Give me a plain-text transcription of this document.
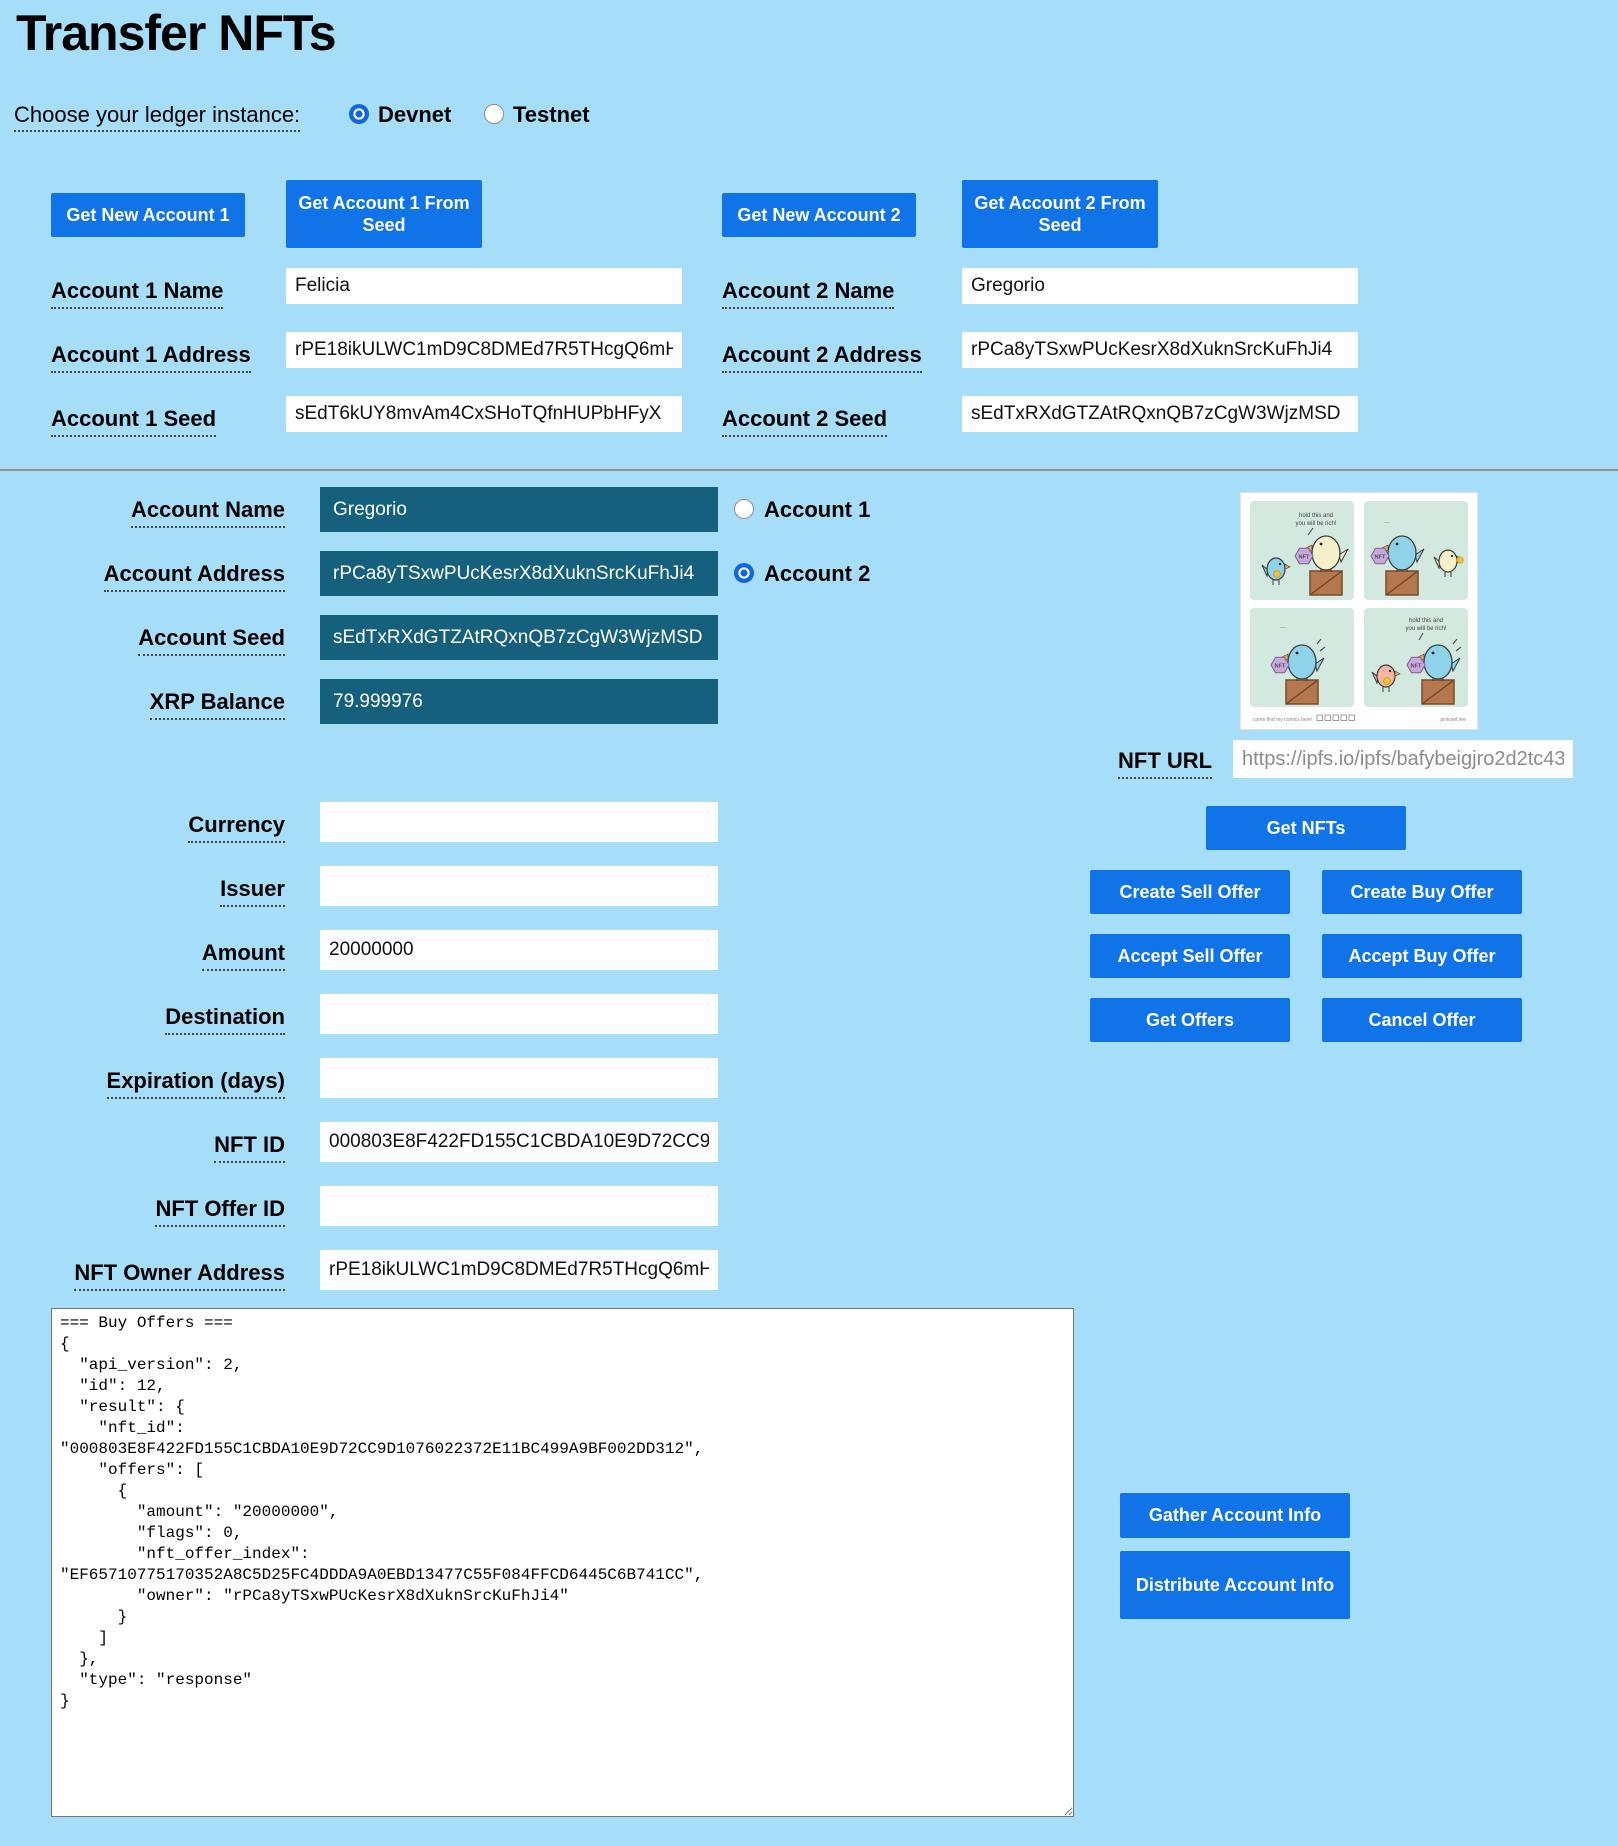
Transfer NFTs
Choose your ledger instance:	Devnet	Testnet
Get New Account 1
Get Account 1 From Seed
Get New Account 2
Get Account 2 From Seed
Account 1 Name
Felicia
Account 1 Address
rPE18ikULWC1mD9C8DMEd7R5THcgQ6mHS
Account 1 Seed
sEdT6kUY8mvAm4CxSHoTQfnHUPbHFyX
Account 2 Name
Gregorio
Account 2 Address
rPCa8yTSxwPUcKesrX8dXuknSrcKuFhJi4
Account 2 Seed
sEdTxRXdGTZAtRQxnQB7zCgW3WjzMSD
Account Name
Gregorio
Account Address
rPCa8yTSxwPUcKesrX8dXuknSrcKuFhJi4
Account Seed
sEdTxRXdGTZAtRQxnQB7zCgW3WjzMSD
XRP Balance
79.999976
Account 1
Account 2
hold this and
you will be rich!
NFT
...
NFT
...
NFT
hold this and
you will be rich!
NFT
come find my comics here!	pinkowl.live
NFT URL
https://ipfs.io/ipfs/bafybeigjro2d2tc43
Get NFTs
Create Sell Offer	Create Buy Offer
Accept Sell Offer	Accept Buy Offer
Get Offers	Cancel Offer
Currency
Issuer
Amount
20000000
Destination
Expiration (days)
NFT ID
000803E8F422FD155C1CBDA10E9D72CC9D1076022372E11BC499A9BF002DD312
NFT Offer ID
NFT Owner Address
rPE18ikULWC1mD9C8DMEd7R5THcgQ6mHS
=== Buy Offers === { "api_version": 2, "id": 12, "result": { "nft_id": "000803E8F422FD155C1CBDA10E9D72CC9D1076022372E11BC499A9BF002DD312", "offers": [ { "amount": "20000000", "flags": 0, "nft_offer_index": "EF65710775170352A8C5D25FC4DDDA9A0EBD13477C55F084FFCD6445C6B741CC", "owner": "rPCa8yTSxwPUcKesrX8dXuknSrcKuFhJi4" } ] }, "type": "response" }
Gather Account Info
Distribute Account Info
